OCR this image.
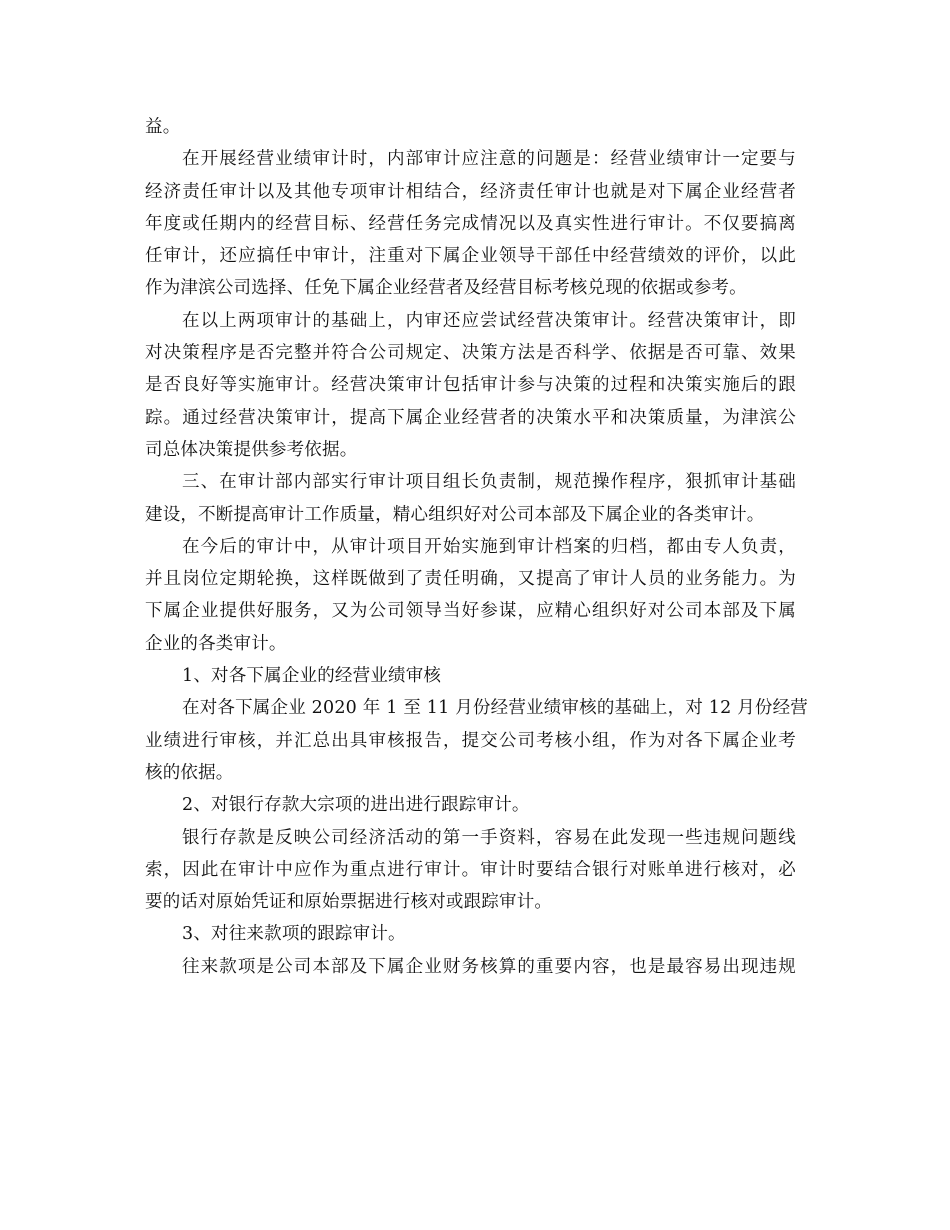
益。
在开展经营业绩审计时，内部审计应注意的问题是：经营业绩审计一定要与
经济责任审计以及其他专项审计相结合，经济责任审计也就是对下属企业经营者
年度或任期内的经营目标、经营任务完成情况以及真实性进行审计。不仅要搞离
任审计，还应搞任中审计，注重对下属企业领导干部任中经营绩效的评价，以此
作为津滨公司选择、任免下属企业经营者及经营目标考核兑现的依据或参考。
在以上两项审计的基础上，内审还应尝试经营决策审计。经营决策审计，即
对决策程序是否完整并符合公司规定、决策方法是否科学、依据是否可靠、效果
是否良好等实施审计。经营决策审计包括审计参与决策的过程和决策实施后的跟
踪。通过经营决策审计，提高下属企业经营者的决策水平和决策质量，为津滨公
司总体决策提供参考依据。
三、在审计部内部实行审计项目组长负责制，规范操作程序，狠抓审计基础
建设，不断提高审计工作质量，精心组织好对公司本部及下属企业的各类审计。
在今后的审计中，从审计项目开始实施到审计档案的归档，都由专人负责，
并且岗位定期轮换，这样既做到了责任明确，又提高了审计人员的业务能力。为
下属企业提供好服务，又为公司领导当好参谋，应精心组织好对公司本部及下属
企业的各类审计。
1、对各下属企业的经营业绩审核
在对各下属企业 2020 年 1 至 11 月份经营业绩审核的基础上，对 12 月份经营
业绩进行审核，并汇总出具审核报告，提交公司考核小组，作为对各下属企业考
核的依据。
2、对银行存款大宗项的进出进行跟踪审计。
银行存款是反映公司经济活动的第一手资料，容易在此发现一些违规问题线
索，因此在审计中应作为重点进行审计。审计时要结合银行对账单进行核对，必
要的话对原始凭证和原始票据进行核对或跟踪审计。
3、对往来款项的跟踪审计。
往来款项是公司本部及下属企业财务核算的重要内容，也是最容易出现违规
